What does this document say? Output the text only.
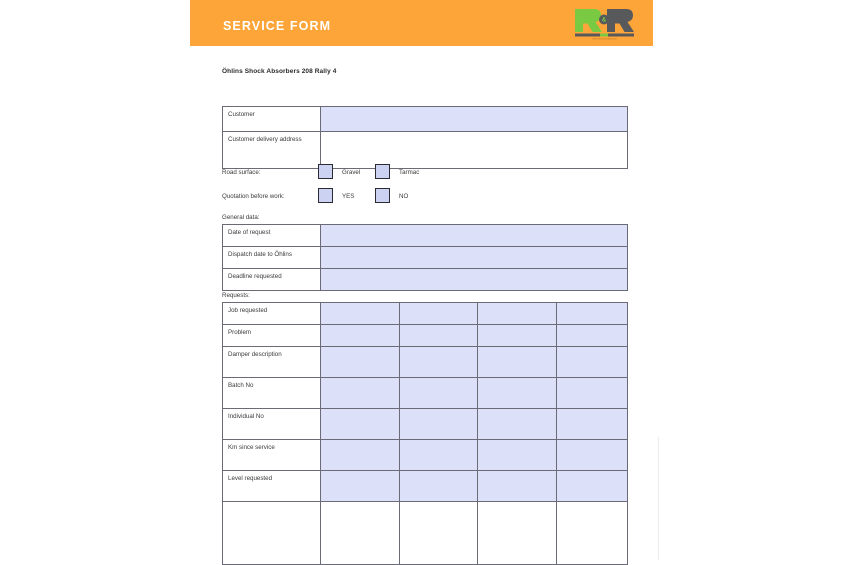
SERVICE FORM	&
www.raceandrally.com
Öhlins Shock Absorbers 208 Rally 4
Customer	
Customer delivery address	
Road surface:	Gravel	Tarmac
Quotation before work:	YES	NO
General data:
Date of request	
Dispatch date to Öhlins	
Deadline requested	
Requests:
Job requested				
Problem				
Damper description				
Batch No				
Individual No				
Km since service				
Level requested				
